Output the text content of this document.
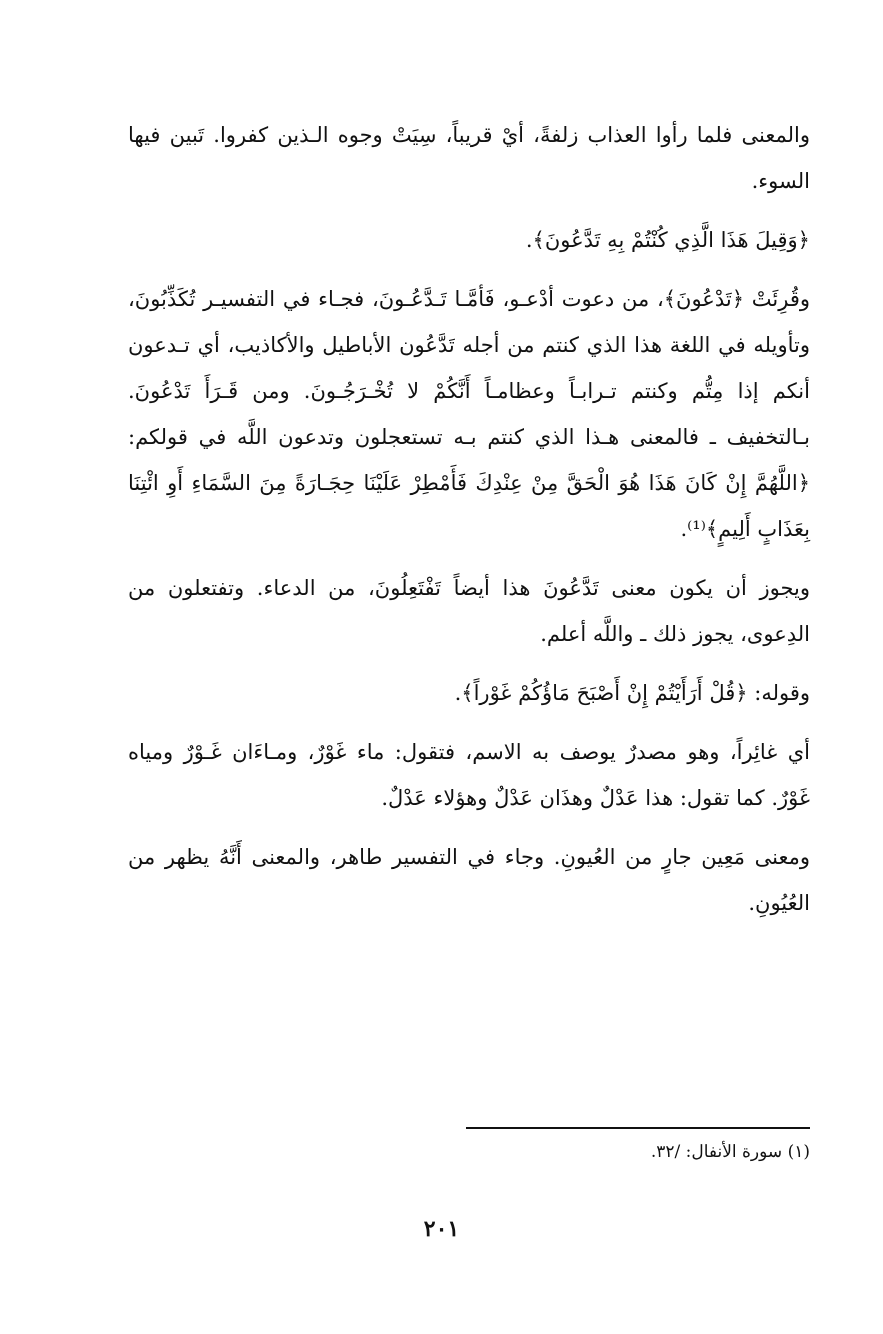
والمعنى فلما رأوا العذاب زلفةً، أيْ قريباً، سِيَتْ وجوه الـذين كفروا. تَبين فيها السوء.

﴿وَقِيلَ هَذَا الَّذِي كُنْتُمْ بِهِ تَدَّعُونَ﴾.

وقُرِئَتْ ﴿تَدْعُونَ﴾، من دعوت أدْعـو، فَأمَّـا تَـدَّعُـونَ، فجـاء في التفسيـر تُكَذِّبُونَ، وتأويله في اللغة هذا الذي كنتم من أجله تَدَّعُون الأباطيل والأكاذيب، أي تـدعون أنكم إذا مِتُّم وكنتم تـرابـاً وعظامـاً أَنَّكُمْ لا تُخْـرَجُـونَ. ومن قَـرَأَ تَدْعُونَ. بـالتخفيف ـ فالمعنى هـذا الذي كنتم بـه تستعجلون وتدعون اللَّه في قولكم: ﴿اللَّهُمَّ إِنْ كَانَ هَذَا هُوَ الْحَقَّ مِنْ عِنْدِكَ فَأَمْطِرْ عَلَيْنَا حِجَـارَةً مِنَ السَّمَاءِ أَوِ ائْتِنَا بِعَذَابٍ أَلِيمٍ﴾⁽¹⁾.

ويجوز أن يكون معنى تَدَّعُونَ هذا أيضاً تَفْتَعِلُونَ، من الدعاء. وتفتعلون من الدِعوى، يجوز ذلك ـ واللَّه أعلم.

وقوله: ﴿قُلْ أَرَأَيْتُمْ إِنْ أَصْبَحَ مَاؤُكُمْ غَوْراً﴾.

أي غائِراً، وهو مصدرٌ يوصف به الاسم، فتقول: ماء غَوْرٌ، ومـاءَان غَـوْرٌ ومياه غَوْرٌ. كما تقول: هذا عَدْلٌ وهذَان عَدْلٌ وهؤلاء عَدْلٌ.

ومعنى مَعِين جارٍ من العُيونِ. وجاء في التفسير طاهر، والمعنى أَنَّهُ يظهر من العُيُونِ.

(١) سورة الأنفال: /٣٢.
٢٠١
